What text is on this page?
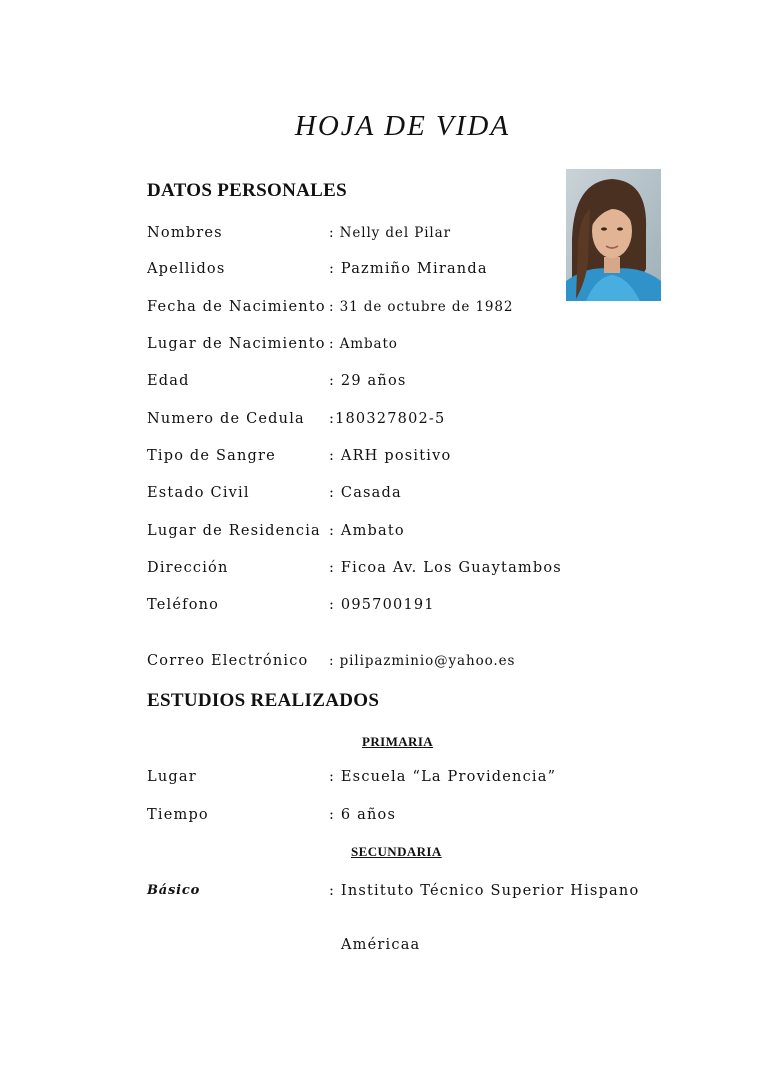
HOJA DE VIDA
DATOS PERSONALES
Nombres	: Nelly del Pilar
Apellidos	: Pazmiño Miranda
Fecha de Nacimiento : 31 de octubre de 1982
Lugar de Nacimiento : Ambato
Edad	: 29 años
Numero de Cedula :180327802-5
Tipo de Sangre	: ARH positivo
Estado Civil	: Casada
Lugar de Residencia : Ambato
Dirección	: Ficoa Av. Los Guaytambos
Teléfono	: 095700191
Correo Electrónico : pilipazminio@yahoo.es
ESTUDIOS REALIZADOS
PRIMARIA
Lugar	: Escuela “La Providencia”
Tiempo	: 6 años
SECUNDARIA
Básico	: Instituto Técnico Superior Hispano
Américaa
